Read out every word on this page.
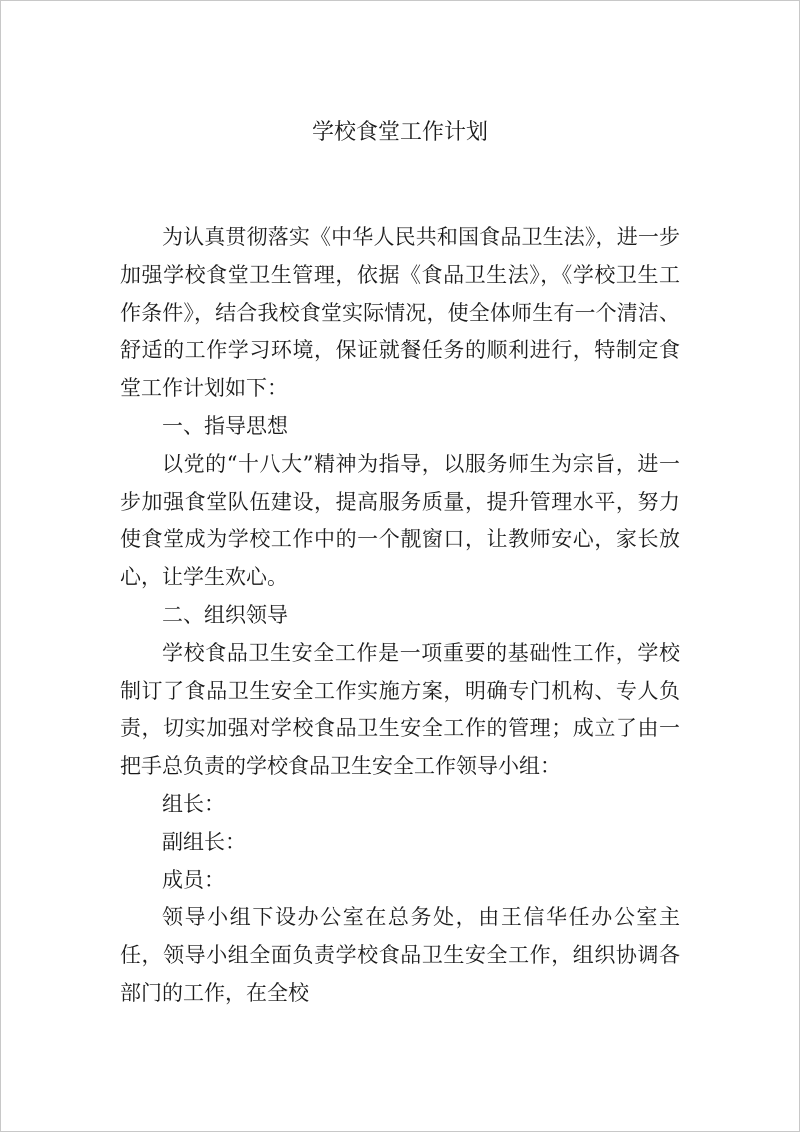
学校食堂工作计划

为认真贯彻落实《中华人民共和国食品卫生法》，进一步加强学校食堂卫生管理，依据《食品卫生法》，《学校卫生工作条件》，结合我校食堂实际情况，使全体师生有一个清洁、舒适的工作学习环境，保证就餐任务的顺利进行，特制定食堂工作计划如下：

一、指导思想

以党的“十八大”精神为指导，以服务师生为宗旨，进一步加强食堂队伍建设，提高服务质量，提升管理水平，努力使食堂成为学校工作中的一个靓窗口，让教师安心，家长放心，让学生欢心。

二、组织领导

学校食品卫生安全工作是一项重要的基础性工作，学校制订了食品卫生安全工作实施方案，明确专门机构、专人负责，切实加强对学校食品卫生安全工作的管理；成立了由一把手总负责的学校食品卫生安全工作领导小组：

组长：

副组长：

成员：

领导小组下设办公室在总务处，由王信华任办公室主任，领导小组全面负责学校食品卫生安全工作，组织协调各部门的工作，在全校
